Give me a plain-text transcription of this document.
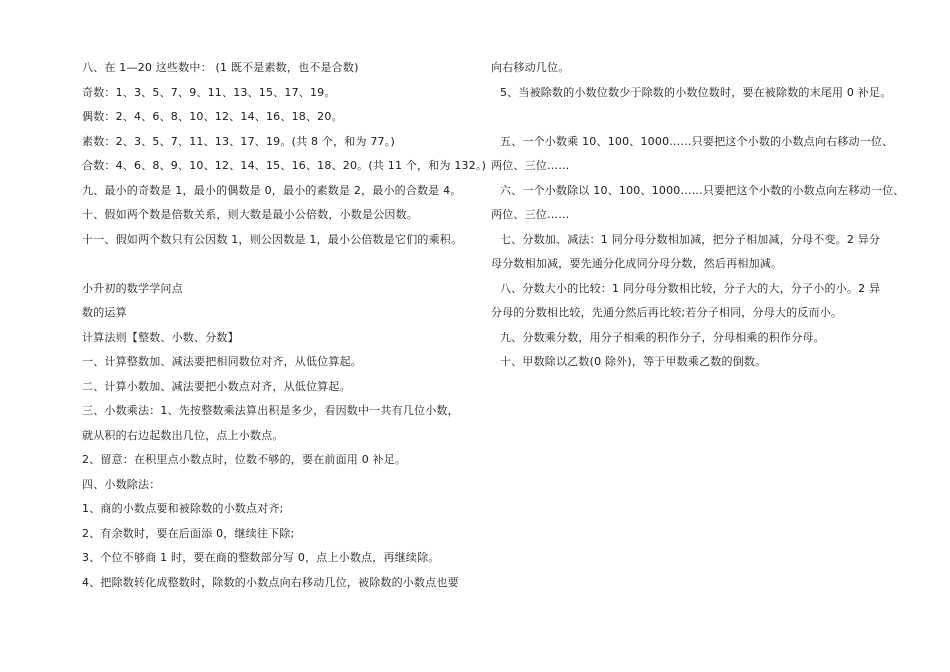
八、在 1—20 这些数中： (1 既不是素数，也不是合数)
奇数：1、3、5、7、9、11、13、15、17、19。
偶数：2、4、6、8、10、12、14、16、18、20。
素数：2、3、5、7、11、13、17、19。(共 8 个，和为 77。)
合数：4、6、8、9、10、12、14、15、16、18、20。(共 11 个，和为 132。)
九、最小的奇数是 1，最小的偶数是 0，最小的素数是 2，最小的合数是 4。
十、假如两个数是倍数关系，则大数是最小公倍数，小数是公因数。
十一、假如两个数只有公因数 1，则公因数是 1，最小公倍数是它们的乘积。
小升初的数学学问点
数的运算
计算法则【整数、小数、分数】
一、计算整数加、减法要把相同数位对齐，从低位算起。
二、计算小数加、减法要把小数点对齐，从低位算起。
三、小数乘法：1、先按整数乘法算出积是多少，看因数中一共有几位小数，
就从积的右边起数出几位，点上小数点。
2、留意：在积里点小数点时，位数不够的，要在前面用 0 补足。
四、小数除法：
1、商的小数点要和被除数的小数点对齐;
2、有余数时，要在后面添 0，继续往下除;
3、个位不够商 1 时，要在商的整数部分写 0，点上小数点，再继续除。
4、把除数转化成整数时，除数的小数点向右移动几位，被除数的小数点也要
向右移动几位。
5、当被除数的小数位数少于除数的小数位数时，要在被除数的末尾用 0 补足。
五、一个小数乘 10、100、1000……只要把这个小数的小数点向右移动一位、
两位、三位……
六、一个小数除以 10、100、1000……只要把这个小数的小数点向左移动一位、
两位、三位……
七、分数加、减法：1 同分母分数相加减，把分子相加减，分母不变。2 异分
母分数相加减，要先通分化成同分母分数，然后再相加减。
八、分数大小的比较：1 同分母分数相比较，分子大的大，分子小的小。2 异
分母的分数相比较，先通分然后再比较;若分子相同，分母大的反而小。
九、分数乘分数，用分子相乘的积作分子，分母相乘的积作分母。
十、甲数除以乙数(0 除外)，等于甲数乘乙数的倒数。
